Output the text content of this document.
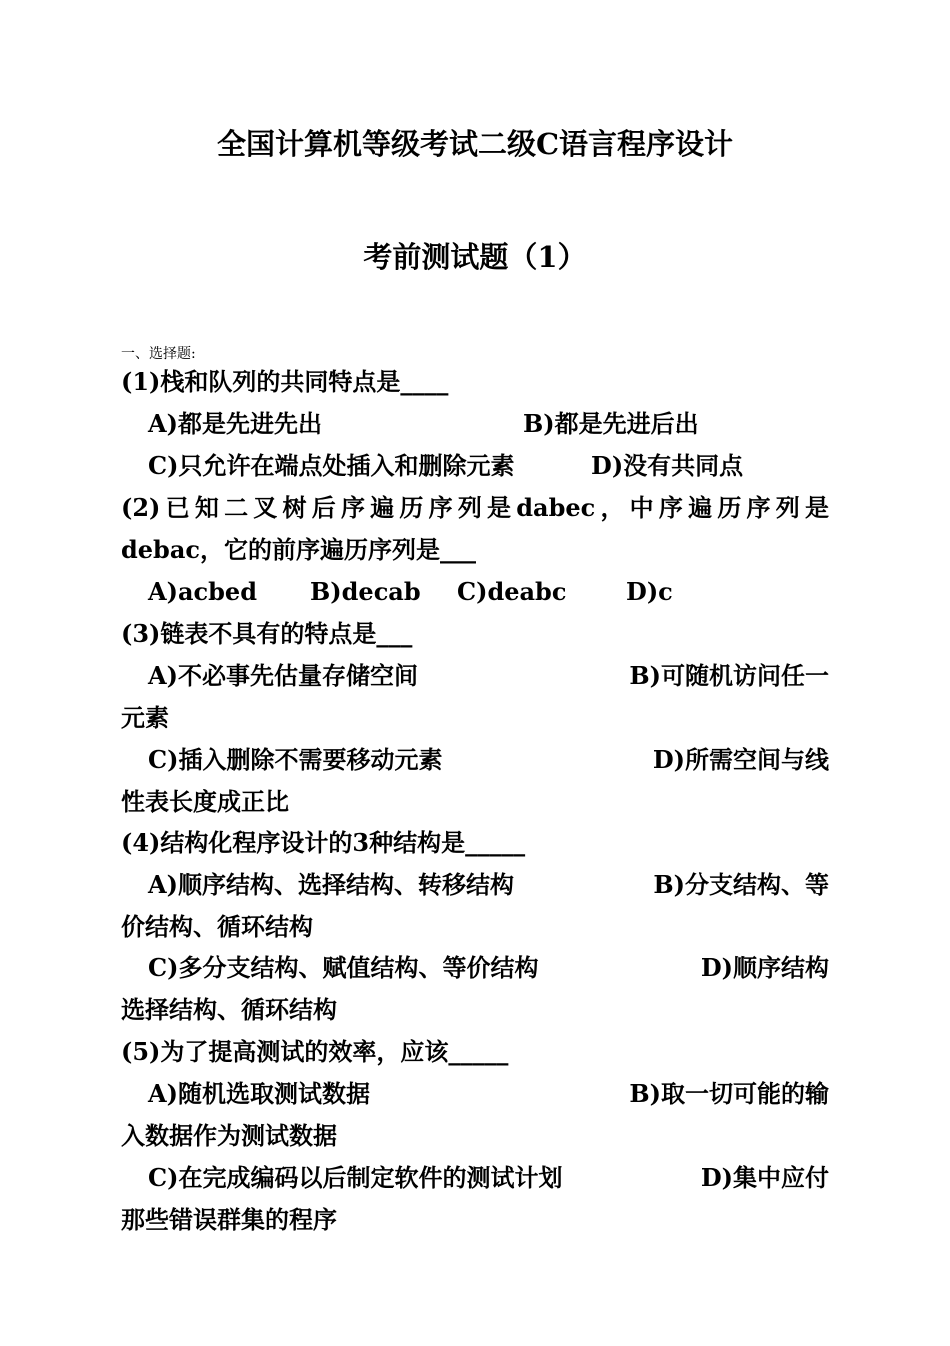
全国计算机等级考试二级C语言程序设计
考前测试题（1）
一、选择题:
(1)栈和队列的共同特点是____
A)都是先进先出	B)都是先进后出
C)只允许在端点处插入和删除元素	D)没有共同点
(2)已知二叉树后序遍历序列是dabec，中序遍历序列是
debac，它的前序遍历序列是___
A)acbed B)decab C)deabc D)c
(3)链表不具有的特点是___
A)不必事先估量存储空间	B)可随机访问任一
元素
C)插入删除不需要移动元素	D)所需空间与线
性表长度成正比
(4)结构化程序设计的3种结构是_____
A)顺序结构、选择结构、转移结构	B)分支结构、等
价结构、循环结构
C)多分支结构、赋值结构、等价结构	D)顺序结构
选择结构、循环结构
(5)为了提高测试的效率，应该_____
A)随机选取测试数据	B)取一切可能的输
入数据作为测试数据
C)在完成编码以后制定软件的测试计划	D)集中应付
那些错误群集的程序
